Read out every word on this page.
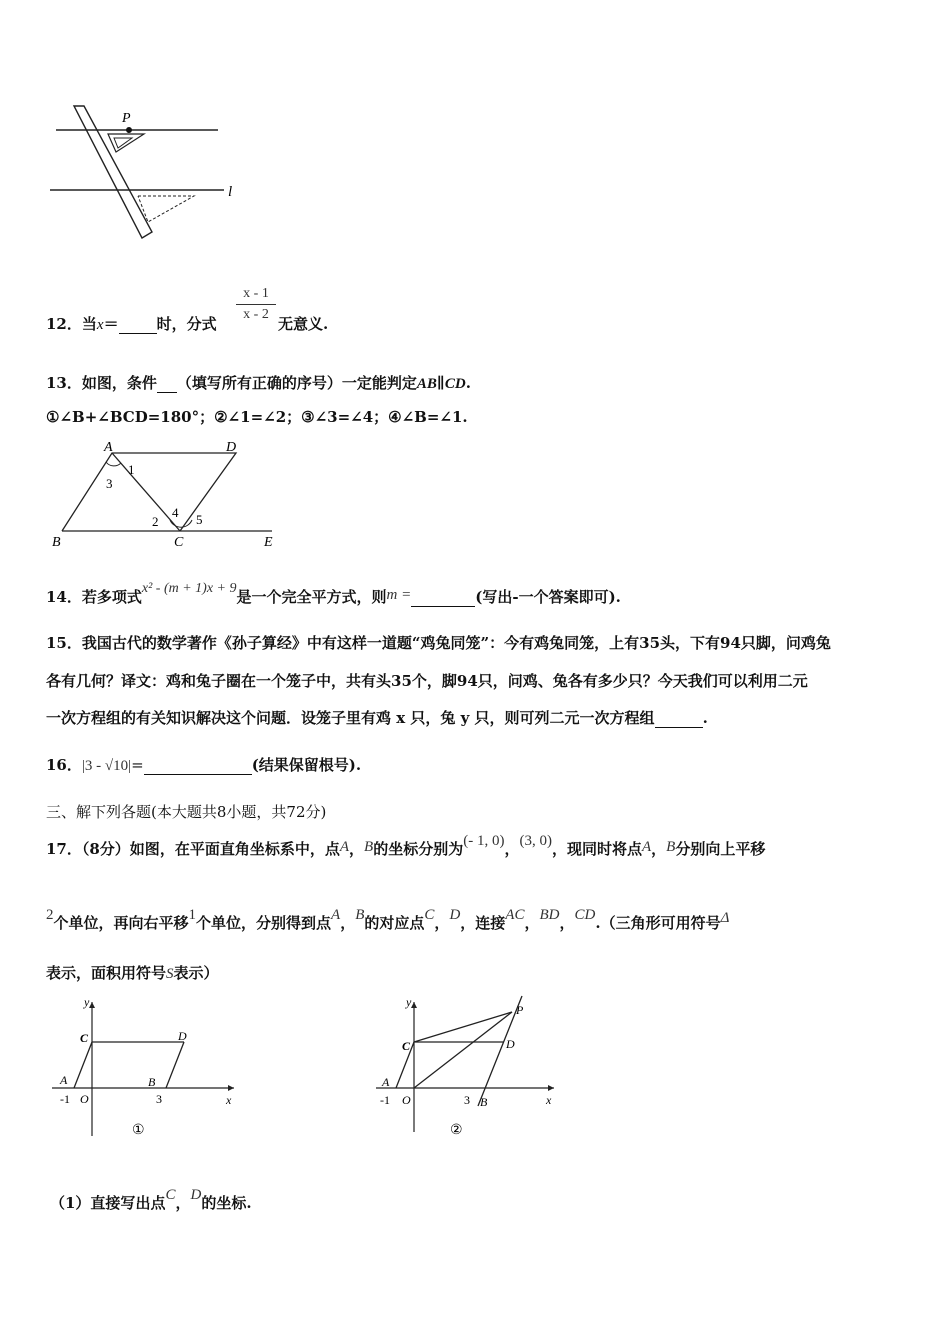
P
l
12．当x＝	时，分式
x - 1
x - 2
无意义.
13．如图，条件 （填写所有正确的序号）一定能判定AB∥CD.
①∠B+∠BCD=180°；②∠1=∠2；③∠3=∠4；④∠B=∠1.
A	D
B	C	E
1
3
2
4 5
14．若多项式x² - (m + 1)x + 9是一个完全平方式，则m =	(写出-一个答案即可).
15．我国古代的数学著作《孙子算经》中有这样一道题“鸡兔同笼”：今有鸡兔同笼，上有35头，下有94只脚，问鸡兔
各有几何？译文：鸡和兔子圈在一个笼子中，共有头35个，脚94只，问鸡、兔各有多少只？今天我们可以利用二元
一次方程组的有关知识解决这个问题．设笼子里有鸡 x 只，兔 y 只，则可列二元一次方程组	.
16．|3 - √10|=	(结果保留根号).
三、解下列各题(本大题共8小题，共72分)
17．（8分）如图，在平面直角坐标系中，点A，B的坐标分别为(- 1, 0)，(3, 0)，现同时将点A，B分别向上平移
2个单位，再向右平移1个单位，分别得到点A，B的对应点C，D，连接AC，BD，CD.（三角形可用符号Δ
表示，面积用符号S表示）
y
x
C	D
A	B
-1 O	3
①
y
x
C	D
A
B
P
-1 O	3
②
（1）直接写出点C，D的坐标.
